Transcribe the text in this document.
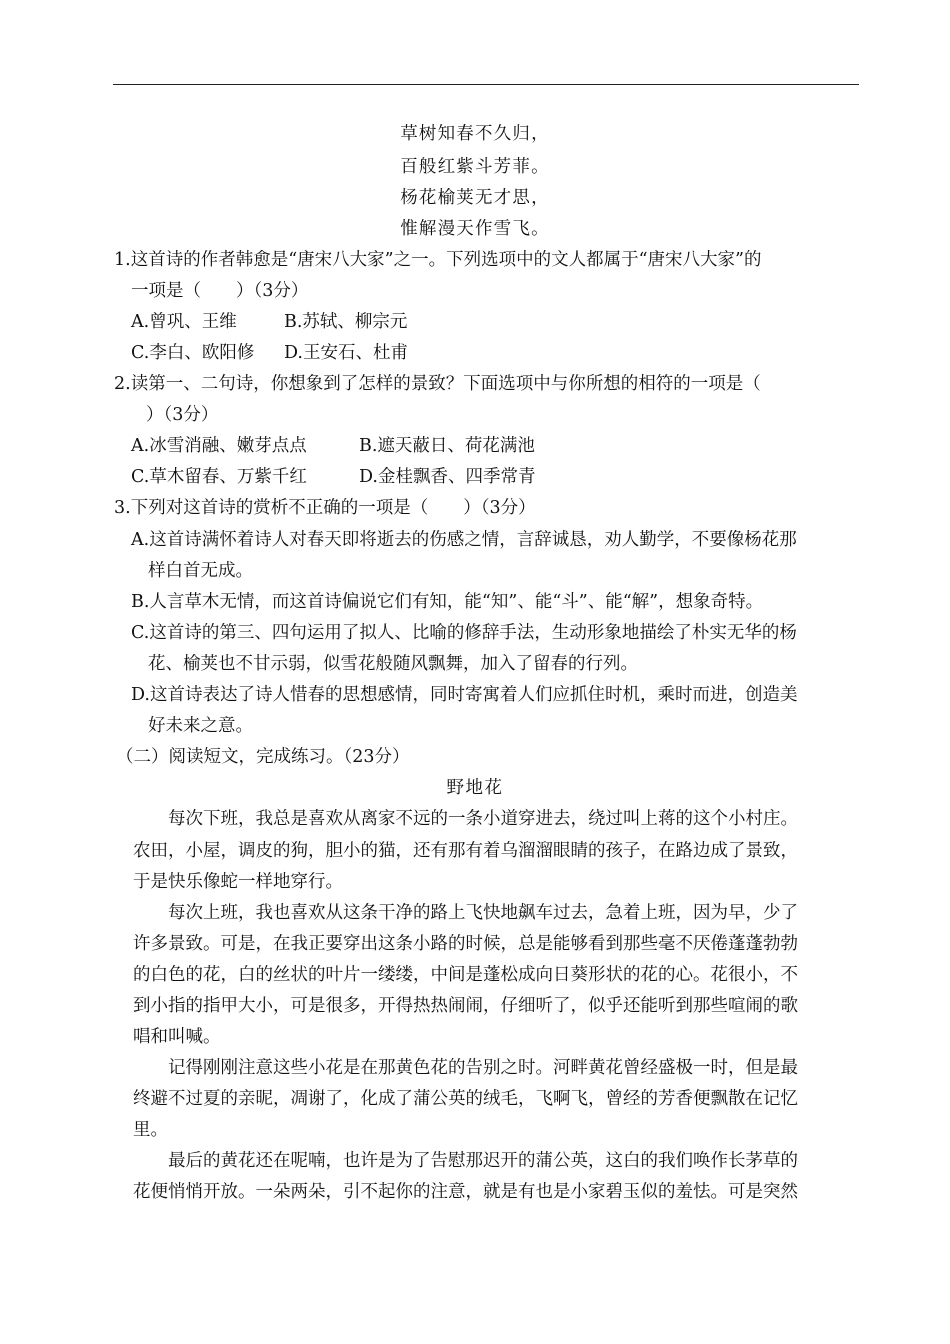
草树知春不久归，
百般红紫斗芳菲。
杨花榆荚无才思，
惟解漫天作雪飞。
1.这首诗的作者韩愈是“唐宋八大家”之一。下列选项中的文人都属于“唐宋八大家”的
一项是（　　）（3分）
A.曾巩、王维	B.苏轼、柳宗元
C.李白、欧阳修 D.王安石、杜甫
2.读第一、二句诗，你想象到了怎样的景致？下面选项中与你所想的相符的一项是（
）（3分）
A.冰雪消融、嫩芽点点	B.遮天蔽日、荷花满池
C.草木留春、万紫千红	D.金桂飘香、四季常青
3.下列对这首诗的赏析不正确的一项是（　　）（3分）
A.这首诗满怀着诗人对春天即将逝去的伤感之情，言辞诚恳，劝人勤学，不要像杨花那
样白首无成。
B.人言草木无情，而这首诗偏说它们有知，能“知”、能“斗”、能“解”，想象奇特。
C.这首诗的第三、四句运用了拟人、比喻的修辞手法，生动形象地描绘了朴实无华的杨
花、榆荚也不甘示弱，似雪花般随风飘舞，加入了留春的行列。
D.这首诗表达了诗人惜春的思想感情，同时寄寓着人们应抓住时机，乘时而进，创造美
好未来之意。
（二）阅读短文，完成练习。（23分）
野地花
每次下班，我总是喜欢从离家不远的一条小道穿进去，绕过叫上蒋的这个小村庄。
农田，小屋，调皮的狗，胆小的猫，还有那有着乌溜溜眼睛的孩子，在路边成了景致，
于是快乐像蛇一样地穿行。
每次上班，我也喜欢从这条干净的路上飞快地飙车过去，急着上班，因为早，少了
许多景致。可是，在我正要穿出这条小路的时候，总是能够看到那些毫不厌倦蓬蓬勃勃
的白色的花，白的丝状的叶片一缕缕，中间是蓬松成向日葵形状的花的心。花很小，不
到小指的指甲大小，可是很多，开得热热闹闹，仔细听了，似乎还能听到那些喧闹的歌
唱和叫喊。
记得刚刚注意这些小花是在那黄色花的告别之时。河畔黄花曾经盛极一时，但是最
终避不过夏的亲昵，凋谢了，化成了蒲公英的绒毛，飞啊飞，曾经的芳香便飘散在记忆
里。
最后的黄花还在呢喃，也许是为了告慰那迟开的蒲公英，这白的我们唤作长茅草的
花便悄悄开放。一朵两朵，引不起你的注意，就是有也是小家碧玉似的羞怯。可是突然
